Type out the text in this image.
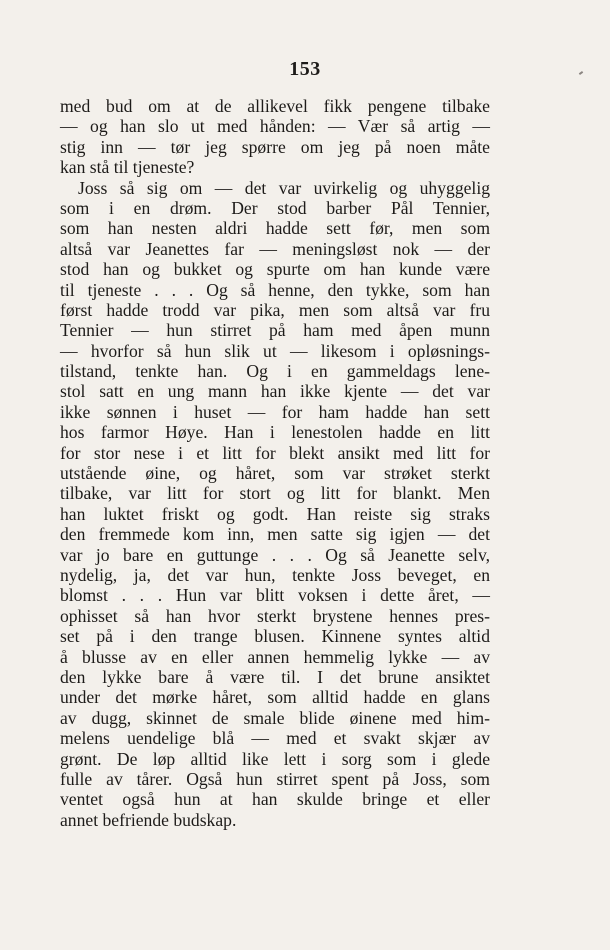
153
med bud om at de allikevel fikk pengene tilbake
— og han slo ut med hånden: — Vær så artig —
stig inn — tør jeg spørre om jeg på noen måte
kan stå til tjeneste?
Joss så sig om — det var uvirkelig og uhyggelig
som i en drøm. Der stod barber Pål Tennier,
som han nesten aldri hadde sett før, men som
altså var Jeanettes far — meningsløst nok — der
stod han og bukket og spurte om han kunde være
til tjeneste . . . Og så henne, den tykke, som han
først hadde trodd var pika, men som altså var fru
Tennier — hun stirret på ham med åpen munn
— hvorfor så hun slik ut — likesom i opløsnings-
tilstand, tenkte han. Og i en gammeldags lene-
stol satt en ung mann han ikke kjente — det var
ikke sønnen i huset — for ham hadde han sett
hos farmor Høye. Han i lenestolen hadde en litt
for stor nese i et litt for blekt ansikt med litt for
utstående øine, og håret, som var strøket sterkt
tilbake, var litt for stort og litt for blankt. Men
han luktet friskt og godt. Han reiste sig straks
den fremmede kom inn, men satte sig igjen — det
var jo bare en guttunge . . . Og så Jeanette selv,
nydelig, ja, det var hun, tenkte Joss beveget, en
blomst . . . Hun var blitt voksen i dette året, —
ophisset så han hvor sterkt brystene hennes pres-
set på i den trange blusen. Kinnene syntes altid
å blusse av en eller annen hemmelig lykke — av
den lykke bare å være til. I det brune ansiktet
under det mørke håret, som alltid hadde en glans
av dugg, skinnet de smale blide øinene med him-
melens uendelige blå — med et svakt skjær av
grønt. De løp alltid like lett i sorg som i glede
fulle av tårer. Også hun stirret spent på Joss, som
ventet også hun at han skulde bringe et eller
annet befriende budskap.
